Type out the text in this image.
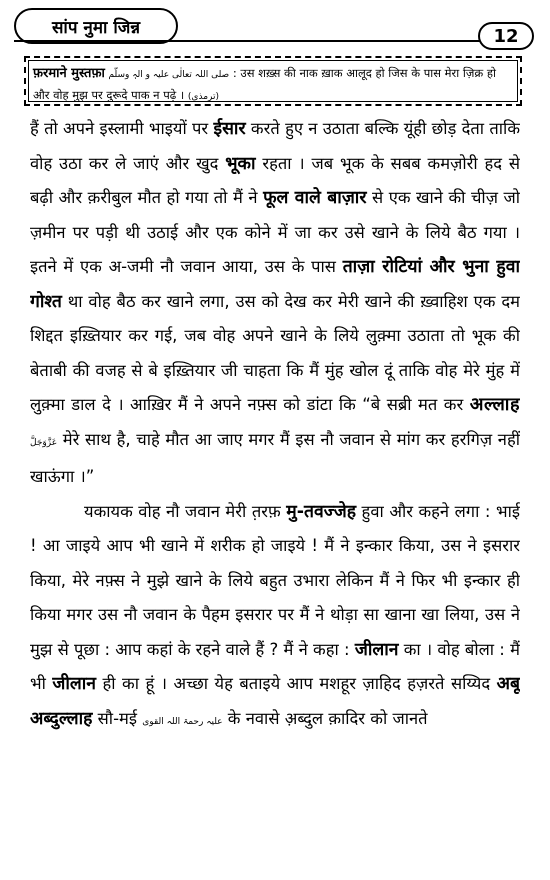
सांप नुमा जिन्न	12
फ़रमाने मुस्तफ़ा صلی اللہ تعالٰی علیہ و الہٖ وسلّم : उस शख़्स की नाक ख़ाक आलूद हो जिस के पास मेरा ज़िक्र हो और वोह मुझ पर दुरूदे पाक न पढ़े । (ترمذی)

हैं तो अपने इस्लामी भाइयों पर ईसार करते हुए न उठाता बल्कि यूंही छोड़ देता ताकि वोह उठा कर ले जाएं और खुद भूका रहता । जब भूक के सबब कमज़ोरी हद से बढ़ी और क़रीबुल मौत हो गया तो मैं ने फूल वाले बाज़ार से एक खाने की चीज़ जो ज़मीन पर पड़ी थी उठाई और एक कोने में जा कर उसे खाने के लिये बैठ गया । इतने में एक अ-जमी नौ जवान आया, उस के पास ताज़ा रोटियां और भुना हुवा गोश्त था वोह बैठ कर खाने लगा, उस को देख कर मेरी खाने की ख़्वाहिश एक दम शिद्दत इख़्तियार कर गई, जब वोह अपने खाने के लिये लुक़्मा उठाता तो भूक की बेताबी की वजह से बे इख़्तियार जी चाहता कि मैं मुंह खोल दूं ताकि वोह मेरे मुंह में लुक़्मा डाल दे । आख़िर मैं ने अपने नफ़्स को डांटा कि “बे सब्री मत कर अल्लाह عَزَّوَجَلَّ मेरे साथ है, चाहे मौत आ जाए मगर मैं इस नौ जवान से मांग कर हरगिज़ नहीं खाऊंगा ।”

यकायक वोह नौ जवान मेरी त़रफ़ मु-तवज्जेह हुवा और कहने लगा : भाई ! आ जाइये आप भी खाने में शरीक हो जाइये ! मैं ने इन्कार किया, उस ने इसरार किया, मेरे नफ़्स ने मुझे खाने के लिये बहुत उभारा लेकिन मैं ने फिर भी इन्कार ही किया मगर उस नौ जवान के पैहम इसरार पर मैं ने थोड़ा सा खाना खा लिया, उस ने मुझ से पूछा : आप कहां के रहने वाले हैं ? मैं ने कहा : जीलान का । वोह बोला : मैं भी जीलान ही का हूं । अच्छा येह बताइये आप मशहूर ज़ाहिद हज़रते सय्यिद अबू अब्दुल्लाह सौ-मई علیہ رحمۃ اللہ القوی के नवासे अ़ब्दुल क़ादिर को जानते
